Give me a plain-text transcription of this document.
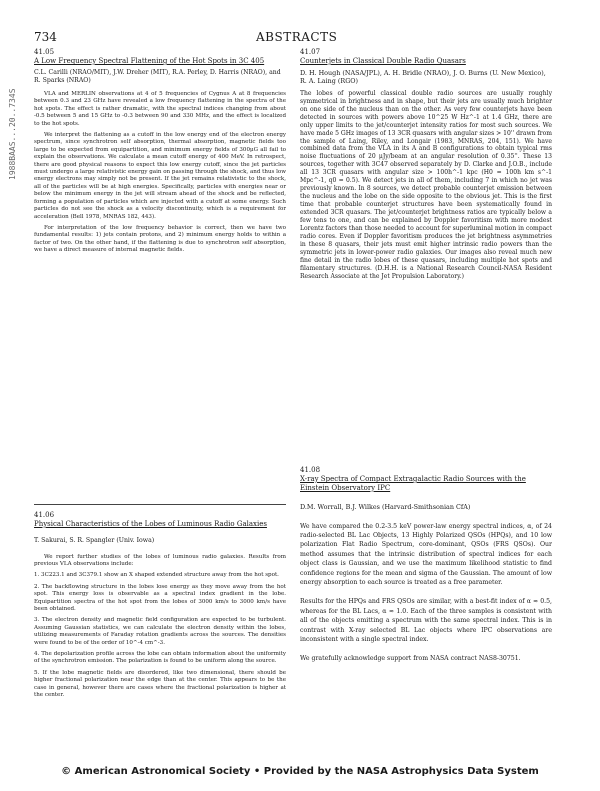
734	ABSTRACTS
1988BAAS...20..734S
41.05
A Low Frequency Spectral Flattening of the Hot Spots in 3C 405
C.L. Carilli (NRAO/MIT), J.W. Dreher (MIT), R.A. Perley, D. Harris (NRAO), and R. Sparks (NRAO)

VLA and MERLIN observations at 4 of 5 frequencies of Cygnus A at 8 frequencies between 0.3 and 23 GHz have revealed a low frequency flattening in the spectra of the hot spots. The effect is rather dramatic, with the spectral indices changing from about -0.5 between 5 and 15 GHz to -0.3 between 90 and 330 MHz, and the effect is localized to the hot spots.

We interpret the flattening as a cutoff in the low energy end of the electron energy spectrum, since synchrotron self absorption, thermal absorption, magnetic fields too large to be expected from equipartition, and minimum energy fields of 300μG all fail to explain the observations. We calculate a mean cutoff energy of 400 MeV. In retrospect, there are good physical reasons to expect this low energy cutoff, since the jet particles must undergo a large relativistic energy gain on passing through the shock, and thus low energy electrons may simply not be present. If the jet remains relativistic to the shock, all of the particles will be at high energies. Specifically, particles with energies near or below the minimum energy in the jet will stream ahead of the shock and be reflected, forming a population of particles which are injected with a cutoff at some energy. Such particles do not see the shock as a velocity discontinuity, which is a requirement for acceleration (Bell 1978, MNRAS 182, 443).

For interpretation of the low frequency behavior is correct, then we have two fundamental results: 1) jets contain protons, and 2) minimum energy holds to within a factor of two. On the other hand, if the flattening is due to synchrotron self absorption, we have a direct measure of internal magnetic fields.

41.06
Physical Characteristics of the Lobes of Luminous Radio Galaxies
T. Sakurai, S. R. Spangler (Univ. Iowa)

We report further studies of the lobes of luminous radio galaxies. Results from previous VLA observations include:

1. 3C223.1 and 3C379.1 show an X shaped extended structure away from the hot spot.

2. The backflowing structure in the lobes lose energy as they move away from the hot spot. This energy loss is observable as a spectral index gradient in the lobe. Equipartition spectra of the hot spot from the lobes of 3000 km/s to 3000 km/s have been obtained.

3. The electron density and magnetic field configuration are expected to be turbulent. Assuming Gaussian statistics, we can calculate the electron density within the lobes, utilizing measurements of Faraday rotation gradients across the sources. The densities were found to be of the order of 10^-4 cm^-3.

4. The depolarization profile across the lobe can obtain information about the uniformity of the synchrotron emission. The polarization is found to be uniform along the source.

5. If the lobe magnetic fields are disordered, like two dimensional, there should be higher fractional polarization near the edge than at the center. This appears to be the case in general, however there are cases where the fractional polarization is higher at the center.

41.07
Counterjets in Classical Double Radio Quasars
D. H. Hough (NASA/JPL), A. H. Bridle (NRAO), J. O. Burns (U. New Mexico), R. A. Laing (RGO)

The lobes of powerful classical double radio sources are usually roughly symmetrical in brightness and in shape, but their jets are usually much brighter on one side of the nucleus than on the other. As very few counterjets have been detected in sources with powers above 10^25 W Hz^-1 at 1.4 GHz, there are only upper limits to the jet/counterjet intensity ratios for most such sources. We have made 5 GHz images of 13 3CR quasars with angular sizes > 10'' drawn from the sample of Laing, Riley, and Longair (1983, MNRAS, 204, 151). We have combined data from the VLA in its A and B configurations to obtain typical rms noise fluctuations of 20 μJy/beam at an angular resolution of 0.35''. These 13 sources, together with 3C47 observed separately by D. Clarke and J.O.B., include all 13 3CR quasars with angular size > 100h^-1 kpc (H0 = 100h km s^-1 Mpc^-1, q0 = 0.5). We detect jets in all of them, including 7 in which no jet was previously known. In 8 sources, we detect probable counterjet emission between the nucleus and the lobe on the side opposite to the obvious jet. This is the first time that probable counterjet structures have been systematically found in extended 3CR quasars. The jet/counterjet brightness ratios are typically below a few tens to one, and can be explained by Doppler favoritism with more modest Lorentz factors than those needed to account for superluminal motion in compact radio cores. Even if Doppler favoritism produces the jet brightness asymmetries in these 8 quasars, their jets must emit higher intrinsic radio powers than the symmetric jets in lower-power radio galaxies. Our images also reveal much new fine detail in the radio lobes of these quasars, including multiple hot spots and filamentary structures. (D.H.H. is a National Research Council-NASA Resident Research Associate at the Jet Propulsion Laboratory.)

41.08
X-ray Spectra of Compact Extragalactic Radio Sources with the Einstein Observatory IPC
D.M. Worrall, B.J. Wilkes (Harvard-Smithsonian CfA)

We have compared the 0.2-3.5 keV power-law energy spectral indices, α, of 24 radio-selected BL Lac Objects, 13 Highly Polarized QSOs (HPQs), and 10 low polarization Flat Radio Spectrum, core-dominant, QSOs (FRS QSOs). Our method assumes that the intrinsic distribution of spectral indices for each object class is Gaussian, and we use the maximum likelihood statistic to find confidence regions for the mean and sigma of the Gaussian. The amount of low energy absorption to each source is treated as a free parameter.

Results for the HPQs and FRS QSOs are similar, with a best-fit index of α ≈ 0.5, whereas for the BL Lacs, α ≈ 1.0. Each of the three samples is consistent with all of the objects emitting a spectrum with the same spectral index. This is in contrast with X-ray selected BL Lac objects where IPC observations are inconsistent with a single spectral index.

We gratefully acknowledge support from NASA contract NAS8-30751.

© American Astronomical Society • Provided by the NASA Astrophysics Data System
